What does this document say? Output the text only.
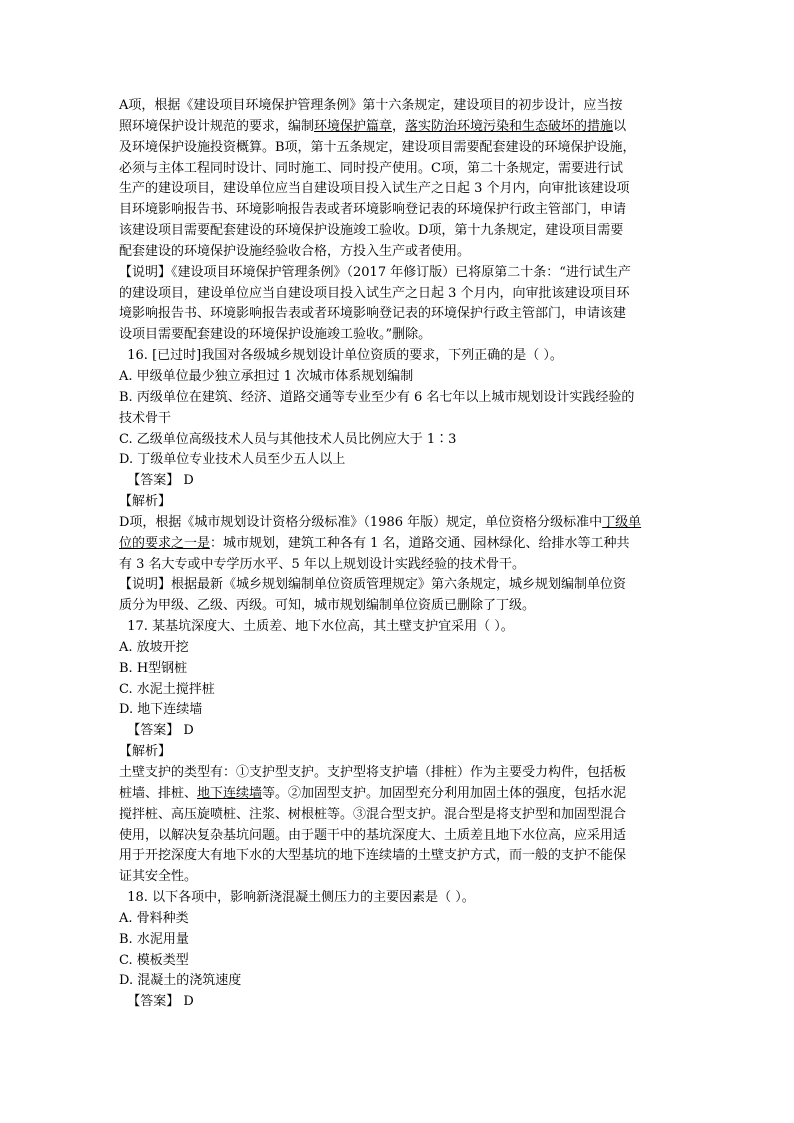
A项，根据《建设项目环境保护管理条例》第十六条规定，建设项目的初步设计，应当按
照环境保护设计规范的要求，编制环境保护篇章，落实防治环境污染和生态破坏的措施以
及环境保护设施投资概算。B项，第十五条规定，建设项目需要配套建设的环境保护设施，
必须与主体工程同时设计、同时施工、同时投产使用。C项，第二十条规定，需要进行试
生产的建设项目，建设单位应当自建设项目投入试生产之日起 3 个月内，向审批该建设项
目环境影响报告书、环境影响报告表或者环境影响登记表的环境保护行政主管部门，申请
该建设项目需要配套建设的环境保护设施竣工验收。D项，第十九条规定，建设项目需要
配套建设的环境保护设施经验收合格，方投入生产或者使用。
【说明】《建设项目环境保护管理条例》（2017 年修订版）已将原第二十条：“进行试生产
的建设项目，建设单位应当自建设项目投入试生产之日起 3 个月内，向审批该建设项目环
境影响报告书、环境影响报告表或者环境影响登记表的环境保护行政主管部门，申请该建
设项目需要配套建设的环境保护设施竣工验收。”删除。
16. [已过时]我国对各级城乡规划设计单位资质的要求，下列正确的是（ ）。
A. 甲级单位最少独立承担过 1 次城市体系规划编制
B. 丙级单位在建筑、经济、道路交通等专业至少有 6 名七年以上城市规划设计实践经验的
技术骨干
C. 乙级单位高级技术人员与其他技术人员比例应大于 1∶3
D. 丁级单位专业技术人员至少五人以上
【答案】 D
【解析】
D项，根据《城市规划设计资格分级标准》（1986 年版）规定，单位资格分级标准中丁级单
位的要求之一是：城市规划，建筑工种各有 1 名，道路交通、园林绿化、给排水等工种共
有 3 名大专或中专学历水平、5 年以上规划设计实践经验的技术骨干。
【说明】根据最新《城乡规划编制单位资质管理规定》第六条规定，城乡规划编制单位资
质分为甲级、乙级、丙级。可知，城市规划编制单位资质已删除了丁级。
17. 某基坑深度大、土质差、地下水位高，其土壁支护宜采用（ ）。
A. 放坡开挖
B. H型钢桩
C. 水泥土搅拌桩
D. 地下连续墙
【答案】 D
【解析】
土壁支护的类型有：①支护型支护。支护型将支护墙（排桩）作为主要受力构件，包括板
桩墙、排桩、地下连续墙等。②加固型支护。加固型充分利用加固土体的强度，包括水泥
搅拌桩、高压旋喷桩、注浆、树根桩等。③混合型支护。混合型是将支护型和加固型混合
使用，以解决复杂基坑问题。由于题干中的基坑深度大、土质差且地下水位高，应采用适
用于开挖深度大有地下水的大型基坑的地下连续墙的土壁支护方式，而一般的支护不能保
证其安全性。
18. 以下各项中，影响新浇混凝土侧压力的主要因素是（ ）。
A. 骨料种类
B. 水泥用量
C. 模板类型
D. 混凝土的浇筑速度
【答案】 D
